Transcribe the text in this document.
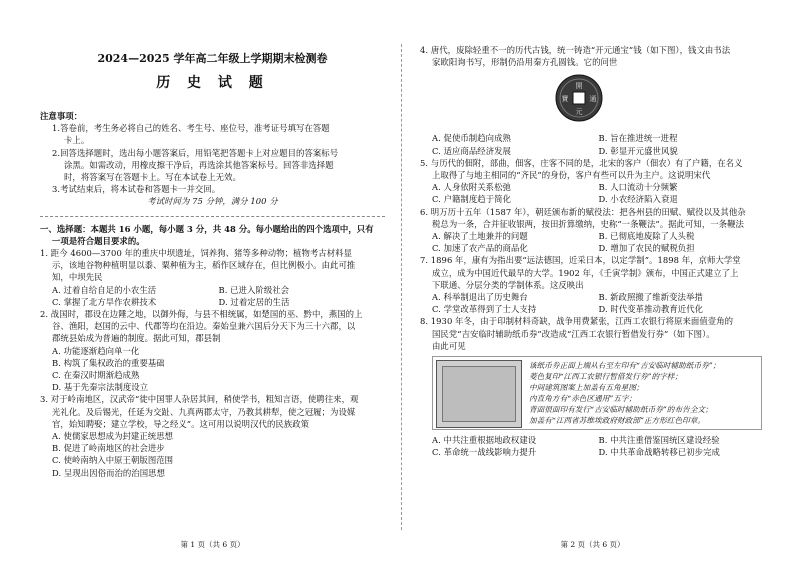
2024—2025 学年高二年级上学期期末检测卷
历 史 试 题
注意事项：
1.答卷前，考生务必将自己的姓名、考生号、座位号，准考证号填写在答题
卡上。
2.回答选择题时，选出每小题答案后，用铅笔把答题卡上对应题目的答案标号
涂黑。如需改动，用橡皮擦干净后，再选涂其他答案标号。回答非选择题
时，将答案写在答题卡上。写在本试卷上无效。
3.考试结束后，将本试卷和答题卡一并交回。
考试时间为 75 分钟，满分 100 分
一、选择题：本题共 16 小题，每小题 3 分，共 48 分。每小题给出的四个选项中，只有
一项是符合题目要求的。
1. 距今 4600—3700 年的重庆中坝遗址，饲养狗、猪等多种动物；植物考古材料显
示，该地谷物种植明显以黍、粟种植为主，稻作区域存在，但比例极小。由此可推
知，中坝先民
A. 过着自给自足的小农生活	B. 已进入阶级社会
C. 掌握了北方旱作农耕技术	D. 过着定居的生活
2. 战国时，郡设在边陲之地，以御外侮，与县不相统属，如楚国的巫、黔中，燕国的上
谷、渔阳，赵国的云中、代郡等均在沿边。秦始皇兼六国后分天下为三十六郡，以
郡统县始成为普遍的制度。据此可知，郡县制
A. 功能逐渐趋向单一化
B. 构筑了集权政治的重要基础
C. 在秦汉时期渐趋成熟
D. 基于先秦宗法制度设立
3. 对于岭南地区，汉武帝“徙中国罪人杂居其间，稍使学书，粗知言语，使聘往来，观
光礼化。及后锡光，任延为交趾、九真两郡太守，乃教其耕犁，使之冠履；为设媒
官，始知聘娶；建立学校，导之经义”。这可用以说明汉代的民族政策
A. 使儒家思想成为封建正统思想
B. 促进了岭南地区的社会进步
C. 使岭南纳入中原王朝版图范围
D. 呈现出因俗而治的治国思想
第 1 页（共 6 页）
4. 唐代，废除轻重不一的历代古钱，统一铸造“开元通宝”钱（如下图），钱文由书法
家欧阳询书写，形制仍沿用秦方孔圆钱。它的问世
開
元
通
寶
A. 促使币制趋向成熟	B. 旨在推进统一进程
C. 适应商品经济发展	D. 彰显开元盛世风貌
5. 与历代的佃附，部曲，佃客，庄客不同的是，北宋的客户（佃农）有了户籍，在名义
上取得了与地主相同的“齐民”的身份，客户有些可以升为主户。这说明宋代
A. 人身依附关系松弛	B. 人口流动十分频繁
C. 户籍制度趋于简化	D. 小农经济陷入衰退
6. 明万历十五年（1587 年），朝廷颁布新的赋役法：把各州县的田赋、赋役以及其他杂
税总为一条，合并征收银两，按田折算缴纳，史称“一条鞭法”。据此可知，一条鞭法
A. 解决了土地兼并的问题	B. 已彻底地废除了人头税
C. 加速了农产品的商品化	D. 增加了农民的赋税负担
7. 1896 年，康有为指出要“远法德国，近采日本，以定学制”。1898 年，京师大学堂
成立，成为中国近代最早的大学。1902 年，《壬寅学制》颁布，中国正式建立了上
下联通、分层分类的学制体系。这反映出
A. 科举制退出了历史舞台	B. 新政照搬了维新变法举措
C. 学堂改革得到了士人支持	D. 时代变革推动教育近代化
8. 1930 年冬，由于印制材料奇缺，战争用费紧张，江西工农银行将原来面值壹角的
国民党“吉安临时辅助纸币券”改造成“江西工农银行暂借发行券”（如下图）。
由此可见
该纸币券正面上端从右至左印有“吉安临时辅助纸币券”；
菱色复印“江西工农银行暂借发行券”的字样；
中间建筑图案上加盖有五角星图；
内直角方有“赤色区通用”五字；
背面很面印有发行“吉安临时辅助纸币券”的布告全文；
加盖有“江西省苏维埃政府财政部”正方形红色印章。
A. 中共注重根据地政权建设	B. 中共注重借鉴国统区建设经验
C. 革命统一战线影响力提升	D. 中共革命战略转移已初步完成
第 2 页（共 6 页）
